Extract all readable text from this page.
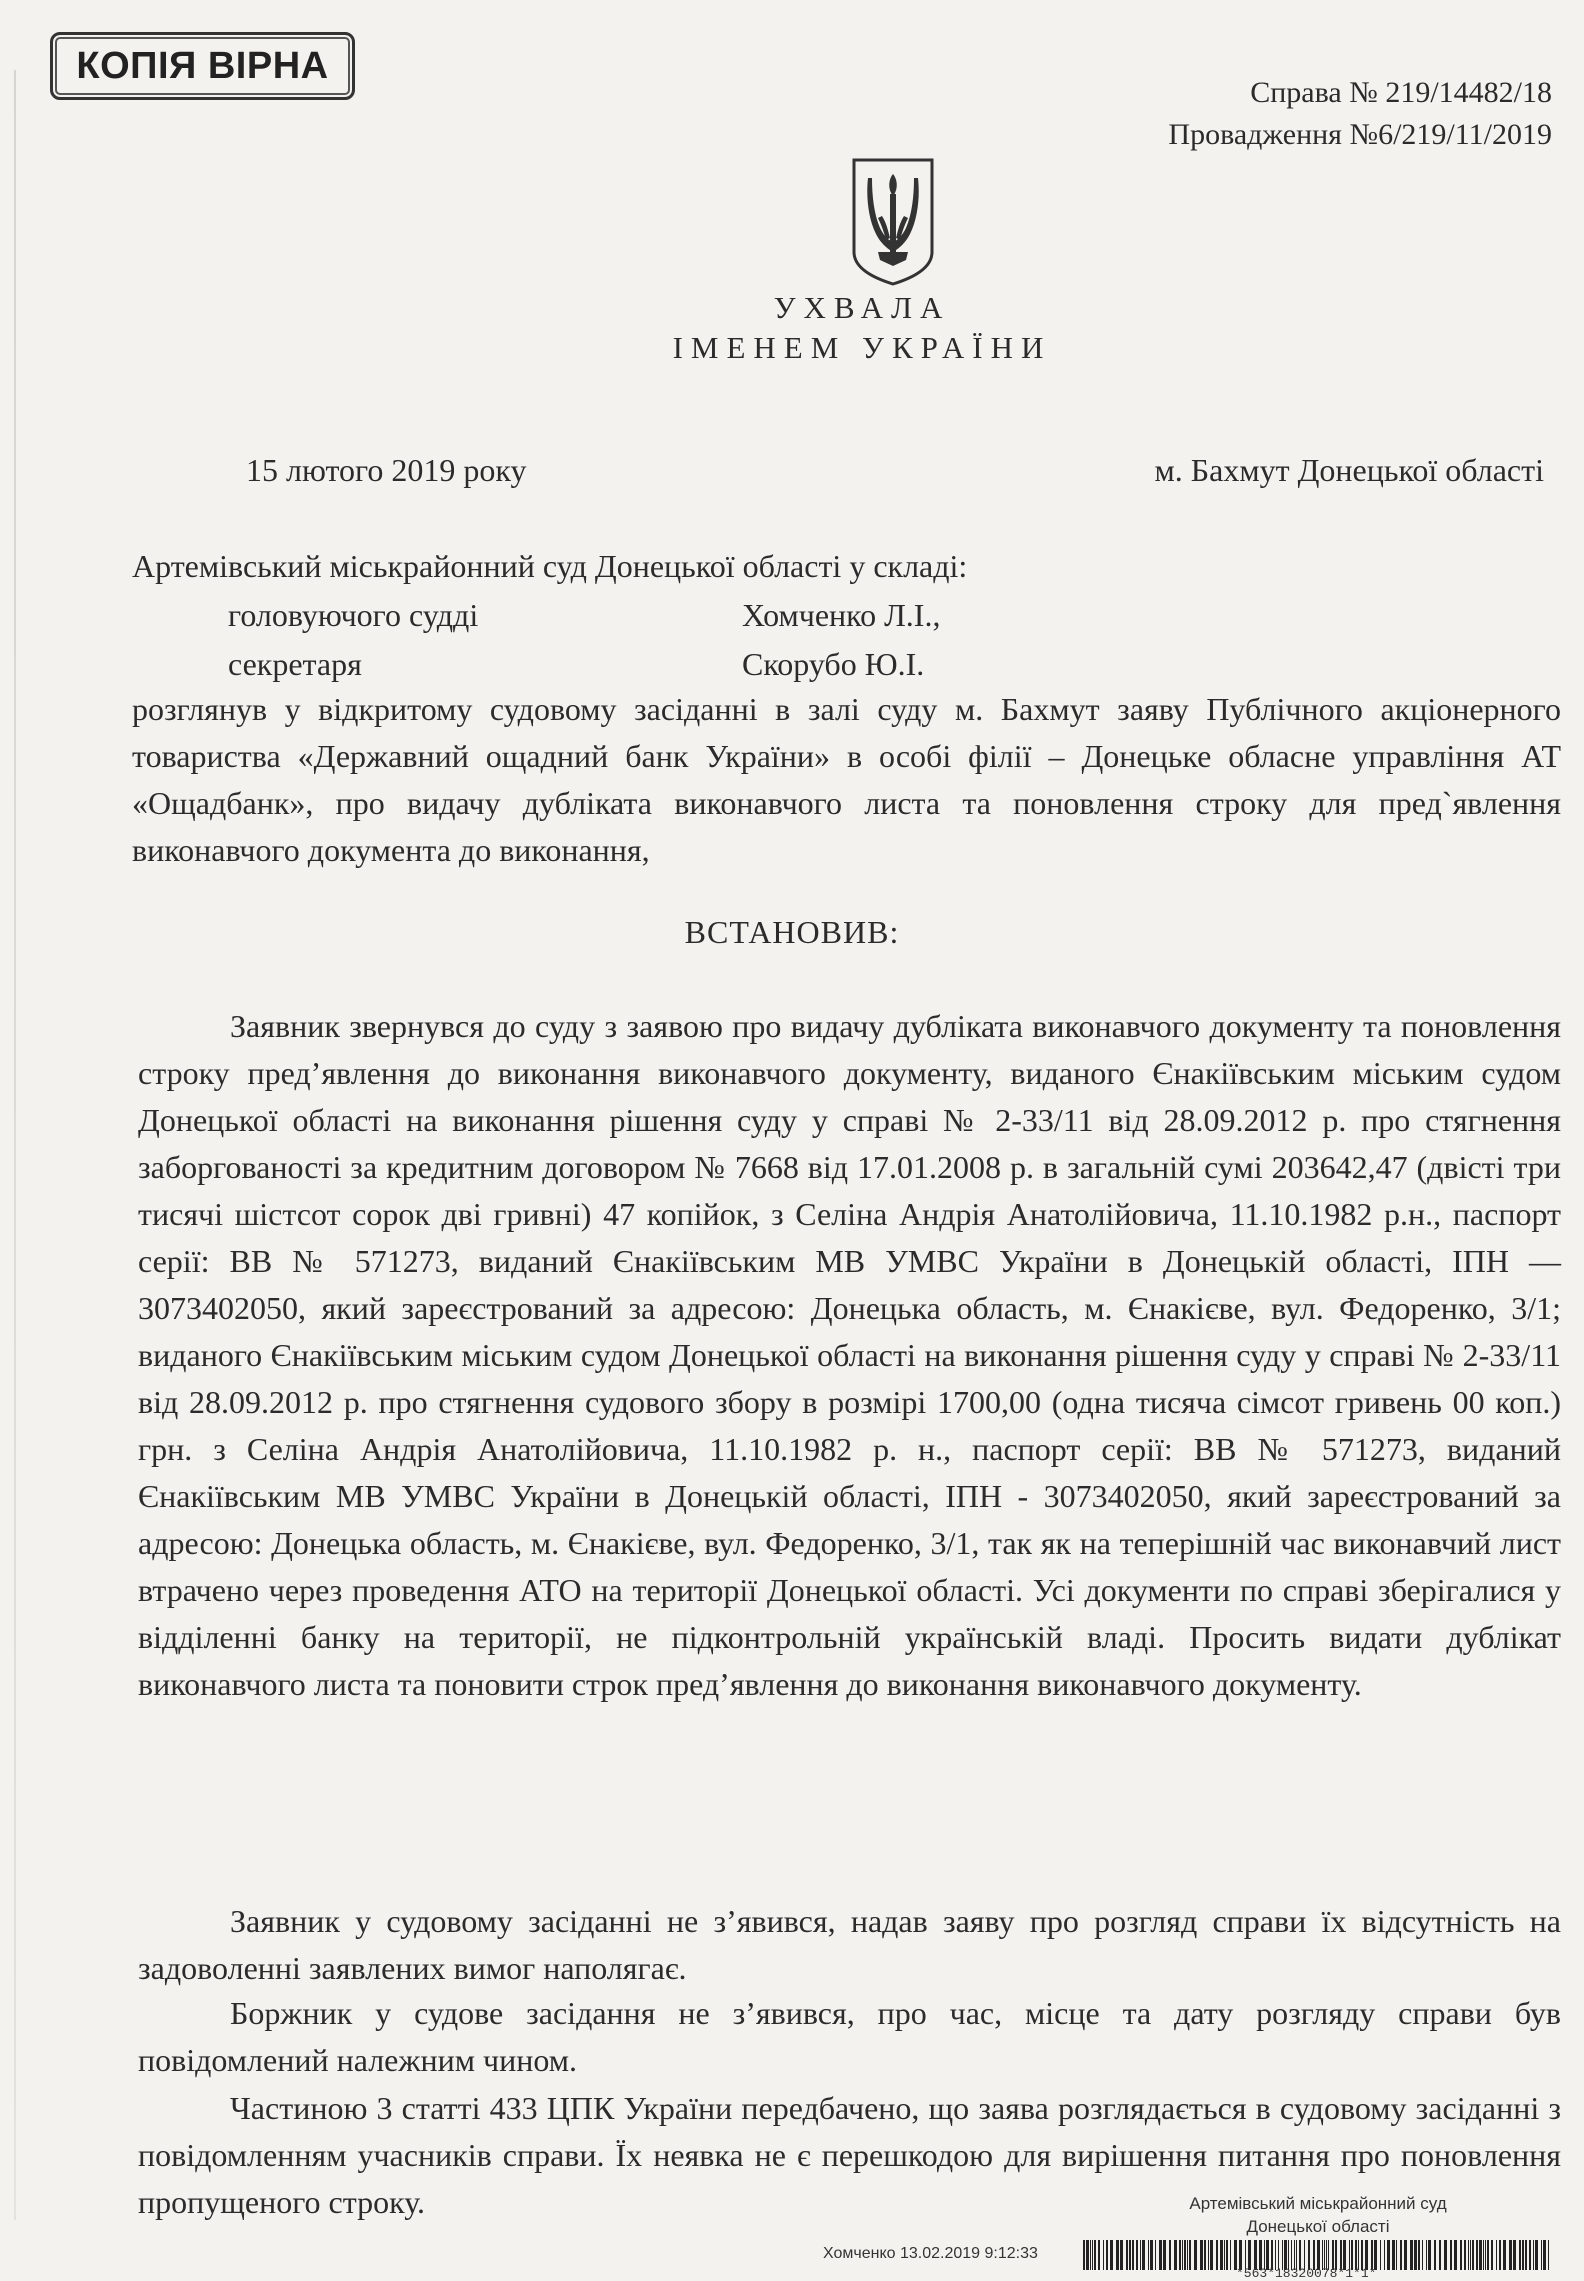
КОПІЯ ВІРНА
Справа № 219/14482/18
Провадження №6/219/11/2019
УХВАЛА
ІМЕНЕМ УКРАЇНИ
15 лютого 2019 року	м. Бахмут Донецької області
Артемівський міськрайонний суд Донецької області у складі:
головуючого судді	Хомченко Л.І.,
секретаря	Скорубо Ю.І.
розглянув у відкритому судовому засіданні в залі суду м. Бахмут заяву Публічного акціонерного товариства «Державний ощадний банк України» в особі філії – Донецьке обласне управління АТ «Ощадбанк», про видачу дубліката виконавчого листа та поновлення строку для пред`явлення виконавчого документа до виконання,
ВСТАНОВИВ:
Заявник звернувся до суду з заявою про видачу дубліката виконавчого документу та поновлення строку пред’явлення до виконання виконавчого документу, виданого Єнакіївським міським судом Донецької області на виконання рішення суду у справі № 2-33/11 від 28.09.2012 р. про стягнення заборгованості за кредитним договором № 7668 від 17.01.2008 р. в загальній сумі 203642,47 (двісті три тисячі шістсот сорок дві гривні) 47 копійок, з Селіна Андрія Анатолійовича, 11.10.1982 р.н., паспорт серії: ВВ № 571273, виданий Єнакіївським МВ УМВС України в Донецькій області, ІПН — 3073402050, який зареєстрований за адресою: Донецька область, м. Єнакієве, вул. Федоренко, 3/1; виданого Єнакіївським міським судом Донецької області на виконання рішення суду у справі № 2-33/11 від 28.09.2012 р. про стягнення судового збору в розмірі 1700,00 (одна тисяча сімсот гривень 00 коп.) грн. з Селіна Андрія Анатолійовича, 11.10.1982 р. н., паспорт серії: ВВ № 571273, виданий Єнакіївським МВ УМВС України в Донецькій області, ІПН - 3073402050, який зареєстрований за адресою: Донецька область, м. Єнакієве, вул. Федоренко, 3/1, так як на теперішній час виконавчий лист втрачено через проведення АТО на території Донецької області. Усі документи по справі зберігалися у відділенні банку на території, не підконтрольній українській владі. Просить видати дублікат виконавчого листа та поновити строк пред’явлення до виконання виконавчого документу.
Заявник у судовому засіданні не з’явився, надав заяву про розгляд справи їх відсутність на задоволенні заявлених вимог наполягає.
Боржник у судове засідання не з’явився, про час, місце та дату розгляду справи був повідомлений належним чином.
Частиною 3 статті 433 ЦПК України передбачено, що заява розглядається в судовому засіданні з повідомленням учасників справи. Їх неявка не є перешкодою для вирішення питання про поновлення пропущеного строку.	Артемівський міськрайонний суд
Донецької області
Хомченко 13.02.2019 9:12:33
*563*18320078*1*1*
